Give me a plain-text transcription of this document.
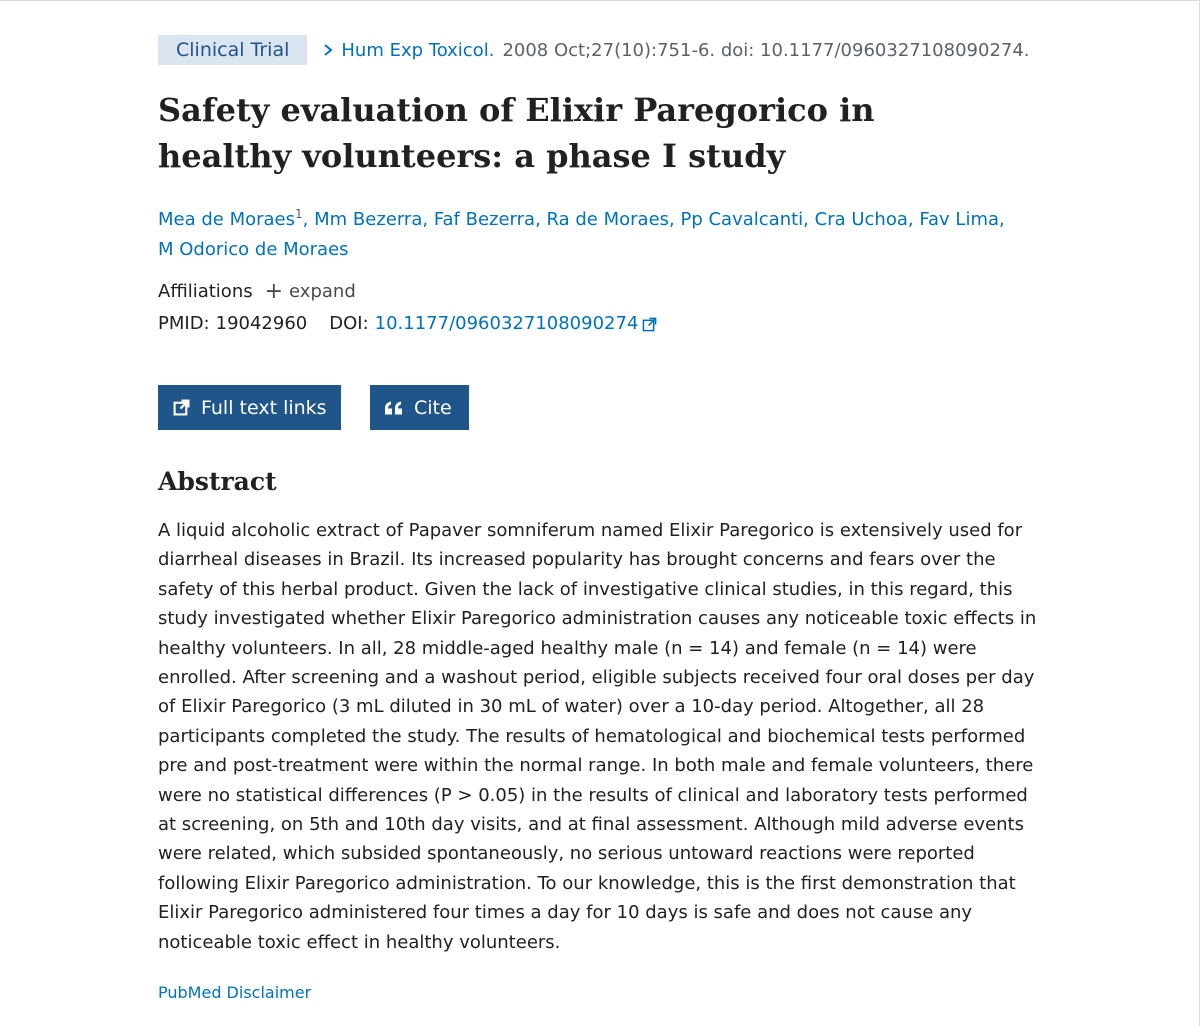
Clinical Trial	Hum Exp Toxicol. 2008 Oct;27(10):751-6. doi: 10.1177/0960327108090274.
Safety evaluation of Elixir Paregorico in healthy volunteers: a phase I study
Mea de Moraes$^1$, Mm Bezerra, Faf Bezerra, Ra de Moraes, Pp Cavalcanti, Cra Uchoa, Fav Lima,
M Odorico de Moraes
Affiliations + expand
PMID: 19042960 DOI: 10.1177/0960327108090274
Full text links	Cite
Abstract

A liquid alcoholic extract of Papaver somniferum named Elixir Paregorico is extensively used for diarrheal diseases in Brazil. Its increased popularity has brought concerns and fears over the safety of this herbal product. Given the lack of investigative clinical studies, in this regard, this study investigated whether Elixir Paregorico administration causes any noticeable toxic effects in healthy volunteers. In all, 28 middle-aged healthy male (n = 14) and female (n = 14) were enrolled. After screening and a washout period, eligible subjects received four oral doses per day of Elixir Paregorico (3 mL diluted in 30 mL of water) over a 10-day period. Altogether, all 28 participants completed the study. The results of hematological and biochemical tests performed pre and post-treatment were within the normal range. In both male and female volunteers, there were no statistical differences (P > 0.05) in the results of clinical and laboratory tests performed at screening, on 5th and 10th day visits, and at final assessment. Although mild adverse events were related, which subsided spontaneously, no serious untoward reactions were reported following Elixir Paregorico administration. To our knowledge, this is the first demonstration that Elixir Paregorico administered four times a day for 10 days is safe and does not cause any noticeable toxic effect in healthy volunteers.

PubMed Disclaimer
